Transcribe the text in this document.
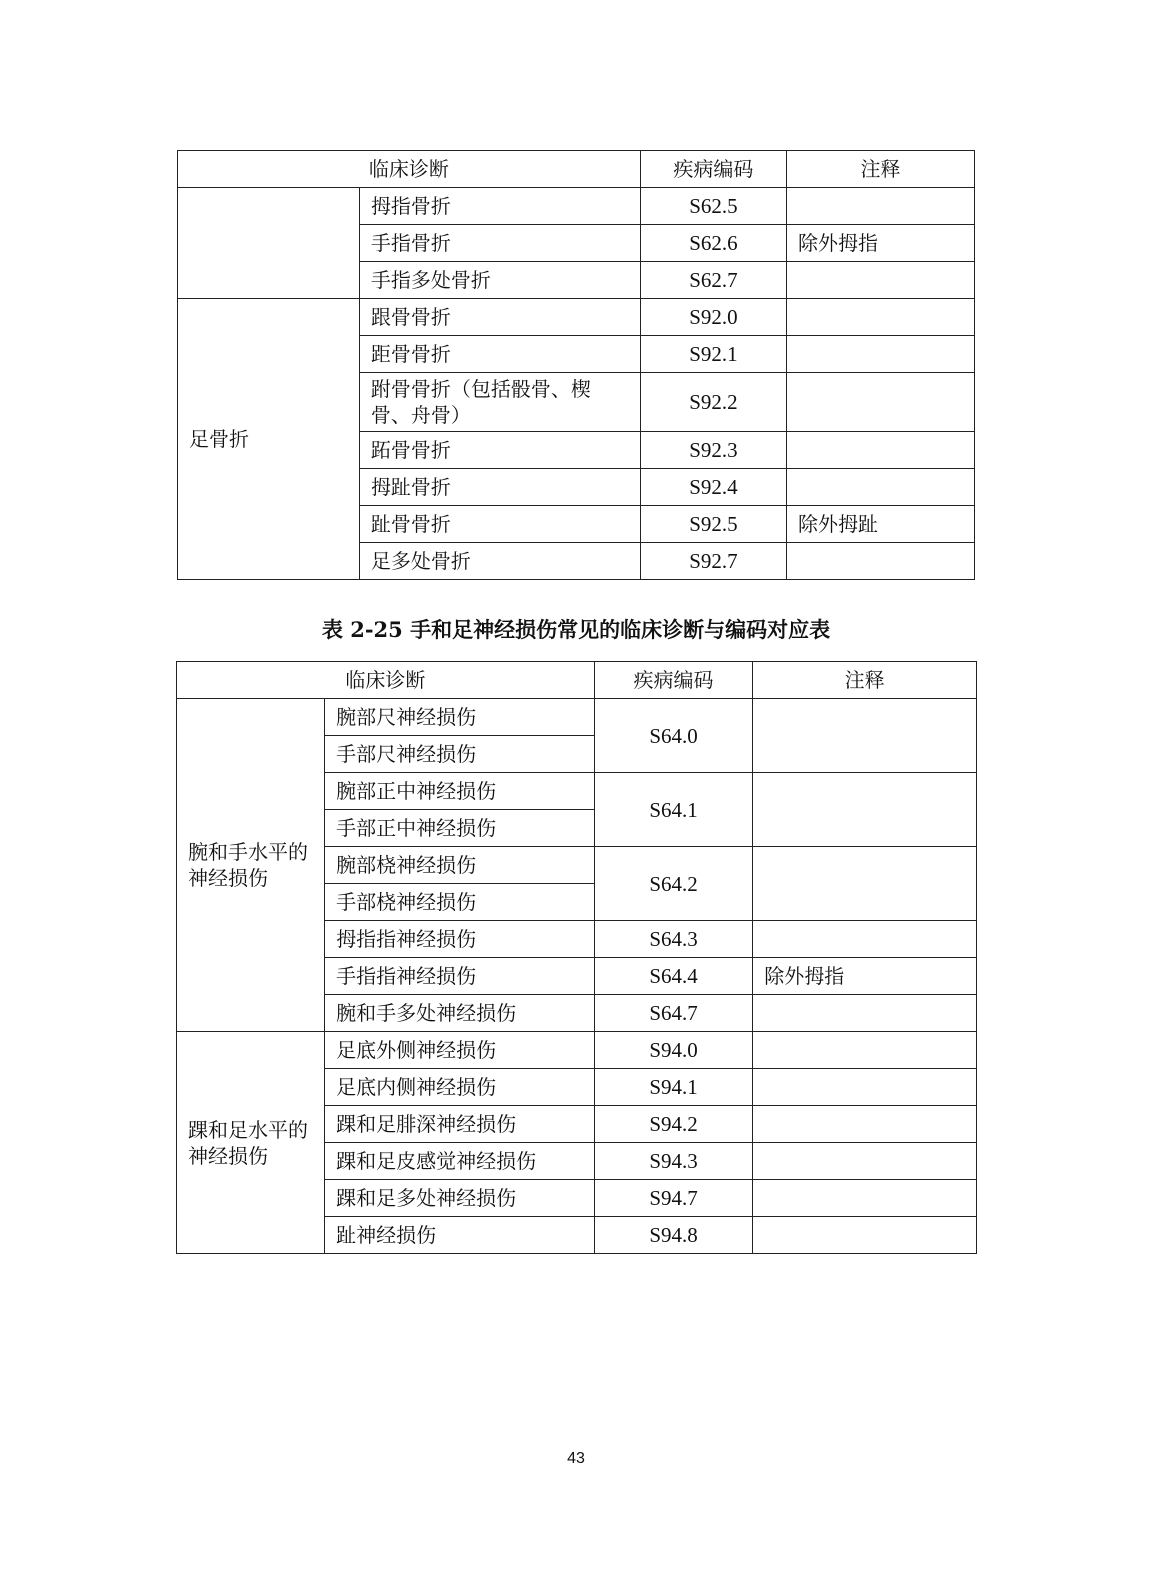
临床诊断		疾病编码	注释
	拇指骨折	S62.5	
	手指骨折	S62.6	除外拇指
	手指多处骨折	S62.7	
足骨折	跟骨骨折	S92.0	
	距骨骨折	S92.1	
	跗骨骨折（包括骰骨、楔骨、舟骨）	S92.2	
	跖骨骨折	S92.3	
	拇趾骨折	S92.4	
	趾骨骨折	S92.5	除外拇趾
	足多处骨折	S92.7	
表 2-25 手和足神经损伤常见的临床诊断与编码对应表
临床诊断		疾病编码	注释
腕和手水平的神经损伤	腕部尺神经损伤	S64.0	
	手部尺神经损伤		
	腕部正中神经损伤	S64.1	
	手部正中神经损伤		
	腕部桡神经损伤	S64.2	
	手部桡神经损伤		
	拇指指神经损伤	S64.3	
	手指指神经损伤	S64.4	除外拇指
	腕和手多处神经损伤	S64.7	
踝和足水平的神经损伤	足底外侧神经损伤	S94.0	
	足底内侧神经损伤	S94.1	
	踝和足腓深神经损伤	S94.2	
	踝和足皮感觉神经损伤	S94.3	
	踝和足多处神经损伤	S94.7	
	趾神经损伤	S94.8	
43
